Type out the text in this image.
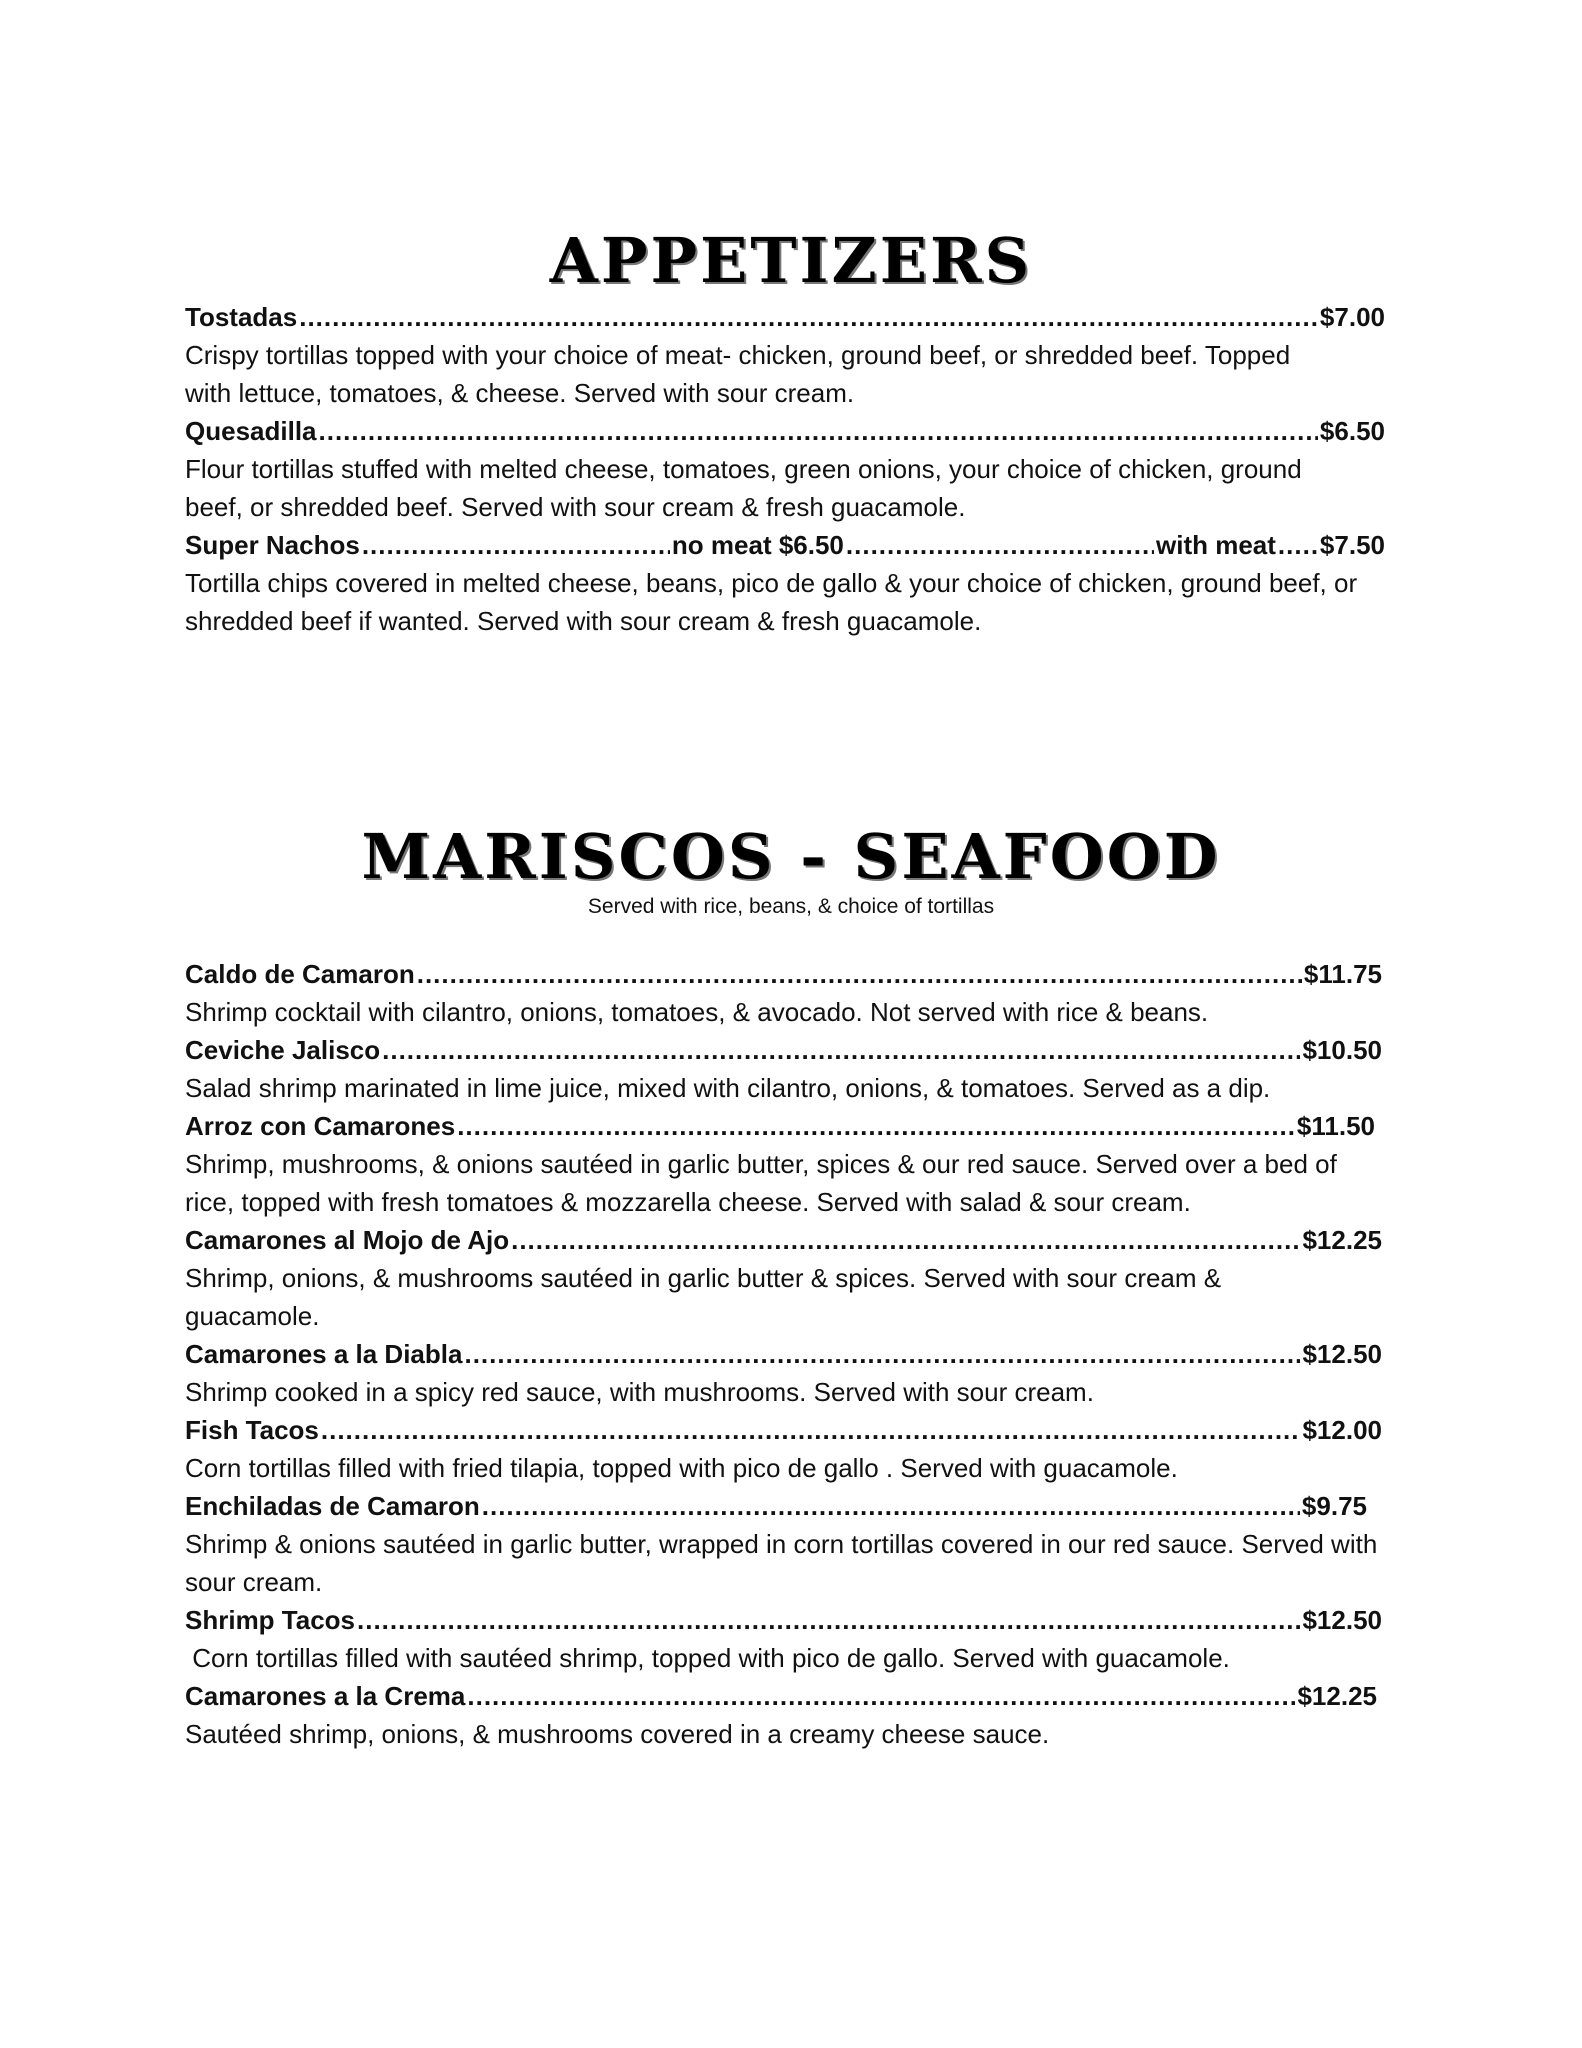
APPETIZERS
Tostadas .....	$7.00
Crispy tortillas topped with your choice of meat- chicken, ground beef, or shredded beef. Topped with lettuce, tomatoes, & cheese. Served with sour cream.
Quesadilla .....	$6.50
Flour tortillas stuffed with melted cheese, tomatoes, green onions, your choice of chicken, ground beef, or shredded beef. Served with sour cream & fresh guacamole.
Super Nachos .....	no meat $6.50 .....	with meat ..... $7.50
Tortilla chips covered in melted cheese, beans, pico de gallo & your choice of chicken, ground beef, or shredded beef if wanted. Served with sour cream & fresh guacamole.
MARISCOS - SEAFOOD
Served with rice, beans, & choice of tortillas
Caldo de Camaron .....	$11.75
Shrimp cocktail with cilantro, onions, tomatoes, & avocado. Not served with rice & beans.
Ceviche Jalisco .....	$10.50
Salad shrimp marinated in lime juice, mixed with cilantro, onions, & tomatoes. Served as a dip.
Arroz con Camarones .....	$11.50
Shrimp, mushrooms, & onions sautéed in garlic butter, spices & our red sauce. Served over a bed of rice, topped with fresh tomatoes & mozzarella cheese. Served with salad & sour cream.
Camarones al Mojo de Ajo .....	$12.25
Shrimp, onions, & mushrooms sautéed in garlic butter & spices. Served with sour cream & guacamole.
Camarones a la Diabla .....	$12.50
Shrimp cooked in a spicy red sauce, with mushrooms. Served with sour cream.
Fish Tacos .....	$12.00
Corn tortillas filled with fried tilapia, topped with pico de gallo . Served with guacamole.
Enchiladas de Camaron .....	$9.75
Shrimp & onions sautéed in garlic butter, wrapped in corn tortillas covered in our red sauce. Served with sour cream.
Shrimp Tacos .....	$12.50
Corn tortillas filled with sautéed shrimp, topped with pico de gallo. Served with guacamole.
Camarones a la Crema .....	$12.25
Sautéed shrimp, onions, & mushrooms covered in a creamy cheese sauce.
